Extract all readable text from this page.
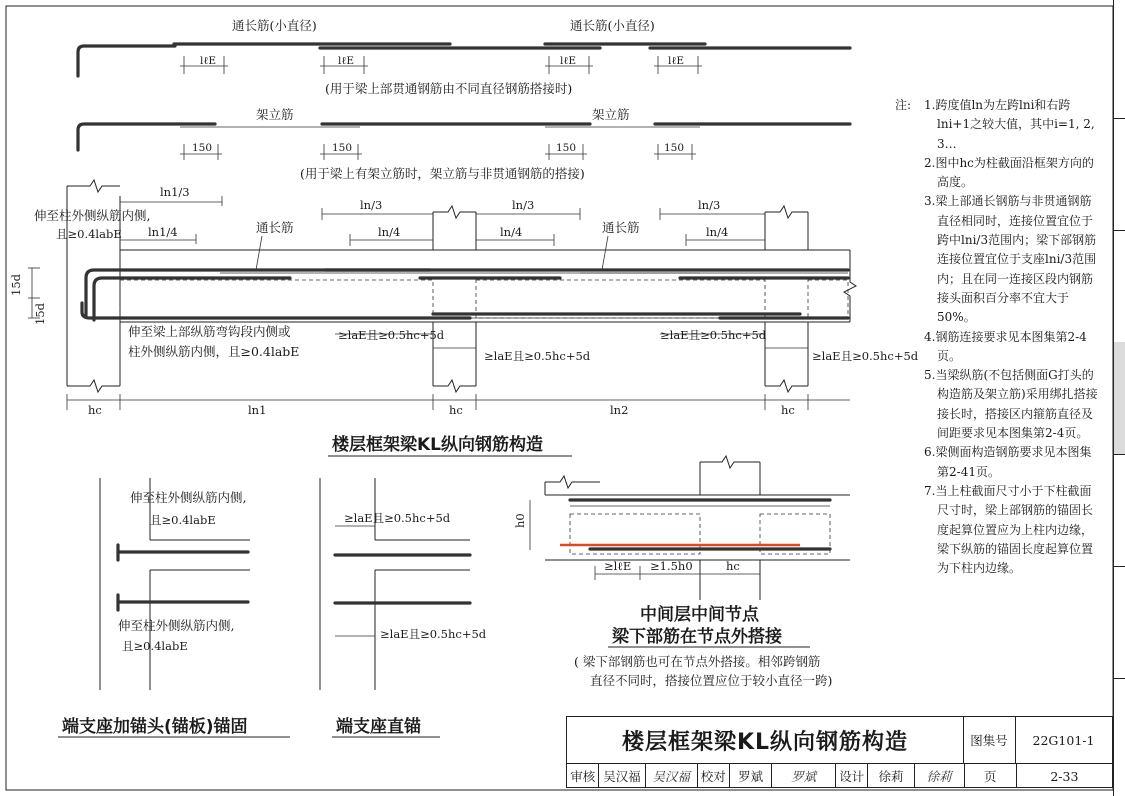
通长筋(小直径)	通长筋(小直径)
lℓE	lℓE	lℓE	lℓE
(用于梁上部贯通钢筋由不同直径钢筋搭接时)
架立筋	架立筋
150	150	150	150
(用于梁上有架立筋时，架立筋与非贯通钢筋的搭接)
15d
15d
ln1/3
ln1/4
ln/3
ln/4
ln/3
ln/4
ln/3
ln/4
通长筋	通长筋
伸至柱外侧纵筋内侧,
且≥0.4labE
伸至梁上部纵筋弯钩段内侧或
柱外侧纵筋内侧，且≥0.4labE
≥laE且≥0.5hc+5d
≥laE且≥0.5hc+5d
≥laE且≥0.5hc+5d
≥laE且≥0.5hc+5d
hc	ln1	hc	ln2	hc
楼层框架梁KL纵向钢筋构造
伸至柱外侧纵筋内侧,
且≥0.4labE
伸至柱外侧纵筋内侧,
且≥0.4labE
端支座加锚头(锚板)锚固
≥laE且≥0.5hc+5d
≥laE且≥0.5hc+5d
端支座直锚
h0
≥lℓE ≥1.5h0	hc
中间层中间节点
梁下部筋在节点外搭接
( 梁下部钢筋也可在节点外搭接。相邻跨钢筋
直径不同时，搭接位置应位于较小直径一跨)
注:	1.跨度值ln为左跨lni和右跨lni+1之较大值，其中i=1, 2, 3…
2.图中hc为柱截面沿框架方向的高度。
3.梁上部通长钢筋与非贯通钢筋直径相同时，连接位置宜位于跨中lni/3范围内；梁下部钢筋连接位置宜位于支座lni/3范围内；且在同一连接区段内钢筋接头面积百分率不宜大于50%。
4.钢筋连接要求见本图集第2-4页。
5.当梁纵筋(不包括侧面G打头的构造筋及架立筋)采用绑扎搭接接长时，搭接区内箍筋直径及间距要求见本图集第2-4页。
6.梁侧面构造钢筋要求见本图集第2-41页。
7.当上柱截面尺寸小于下柱截面尺寸时，梁上部钢筋的锚固长度起算位置应为上柱内边缘，梁下纵筋的锚固长度起算位置为下柱内边缘。
楼层框架梁KL纵向钢筋构造	图集号	22G101-1
审核 吴汉福 吴汉福 校对 罗斌	罗斌	设计	徐莉	徐莉	页	2-33
